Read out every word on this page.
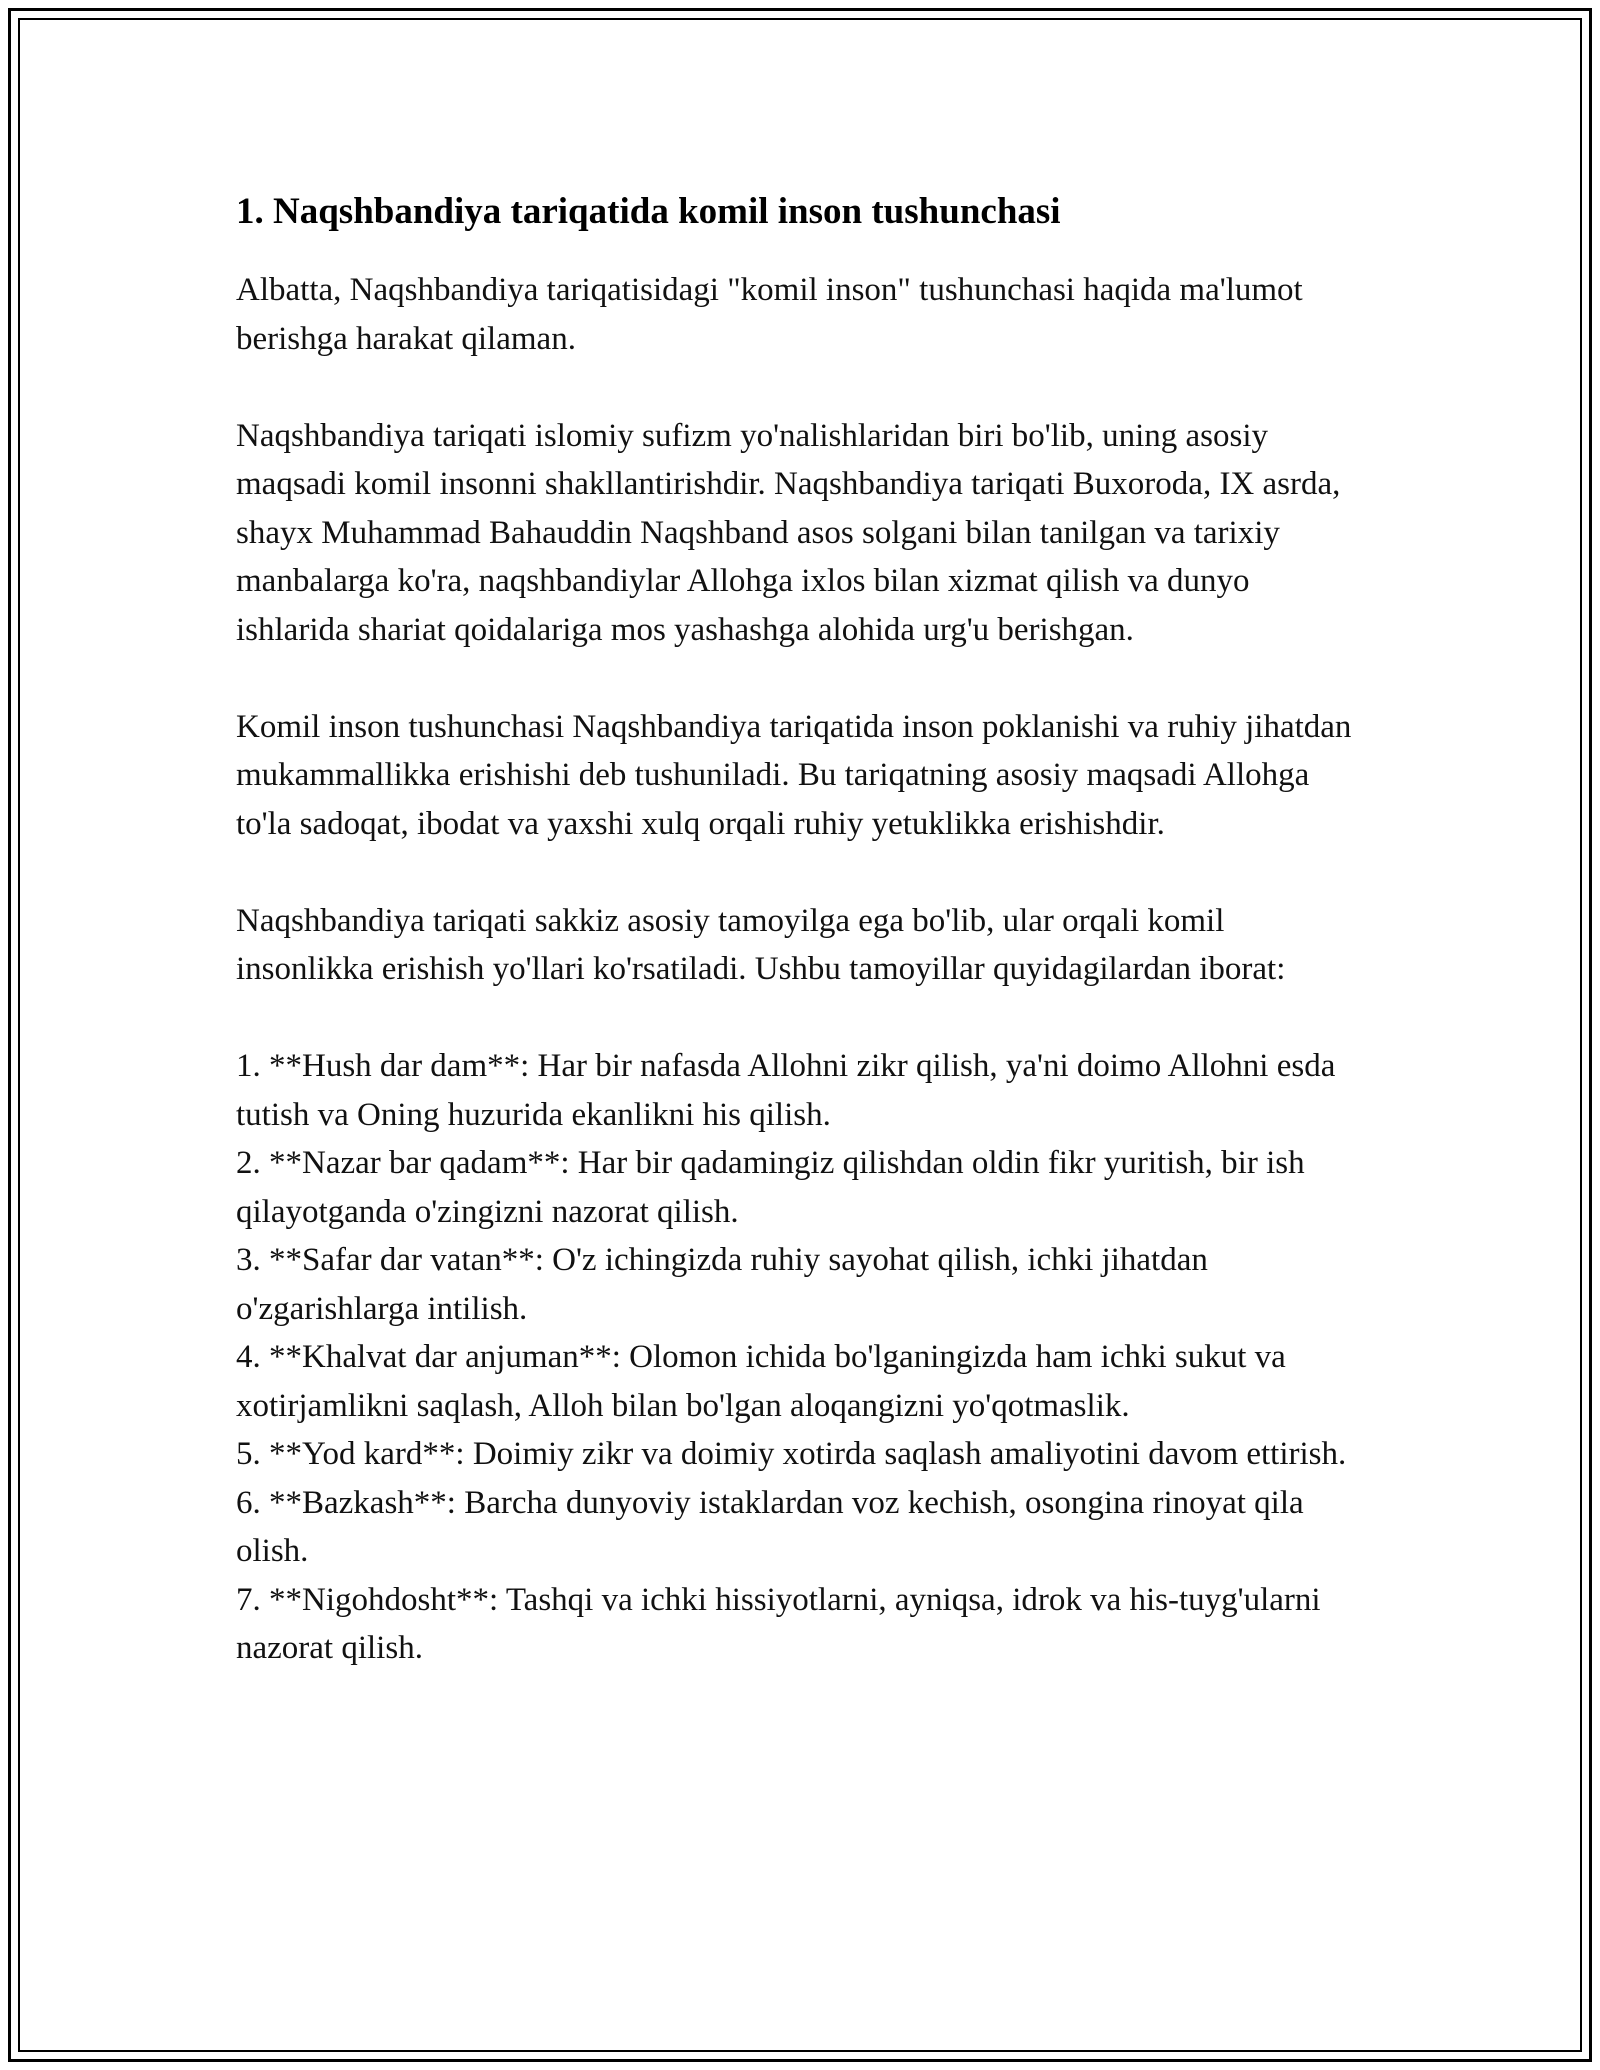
1. Naqshbandiya tariqatida komil inson tushunchasi

Albatta, Naqshbandiya tariqatisidagi "komil inson" tushunchasi haqida ma'lumot berishga harakat qilaman.

Naqshbandiya tariqati islomiy sufizm yo'nalishlaridan biri bo'lib, uning asosiy maqsadi komil insonni shakllantirishdir. Naqshbandiya tariqati Buxoroda, IX asrda, shayx Muhammad Bahauddin Naqshband asos solgani bilan tanilgan va tarixiy manbalarga ko'ra, naqshbandiylar Allohga ixlos bilan xizmat qilish va dunyo ishlarida shariat qoidalariga mos yashashga alohida urg'u berishgan.

Komil inson tushunchasi Naqshbandiya tariqatida inson poklanishi va ruhiy jihatdan mukammallikka erishishi deb tushuniladi. Bu tariqatning asosiy maqsadi Allohga to'la sadoqat, ibodat va yaxshi xulq orqali ruhiy yetuklikka erishishdir.

Naqshbandiya tariqati sakkiz asosiy tamoyilga ega bo'lib, ular orqali komil insonlikka erishish yo'llari ko'rsatiladi. Ushbu tamoyillar quyidagilardan iborat:

1. **Hush dar dam**: Har bir nafasda Allohni zikr qilish, ya'ni doimo Allohni esda tutish va Oning huzurida ekanlikni his qilish.

2. **Nazar bar qadam**: Har bir qadamingiz qilishdan oldin fikr yuritish, bir ish qilayotganda o'zingizni nazorat qilish.

3. **Safar dar vatan**: O'z ichingizda ruhiy sayohat qilish, ichki jihatdan o'zgarishlarga intilish.

4. **Khalvat dar anjuman**: Olomon ichida bo'lganingizda ham ichki sukut va xotirjamlikni saqlash, Alloh bilan bo'lgan aloqangizni yo'qotmaslik.

5. **Yod kard**: Doimiy zikr va doimiy xotirda saqlash amaliyotini davom ettirish.

6. **Bazkash**: Barcha dunyoviy istaklardan voz kechish, osongina rinoyat qila olish.

7. **Nigohdosht**: Tashqi va ichki hissiyotlarni, ayniqsa, idrok va his-tuyg'ularni nazorat qilish.
